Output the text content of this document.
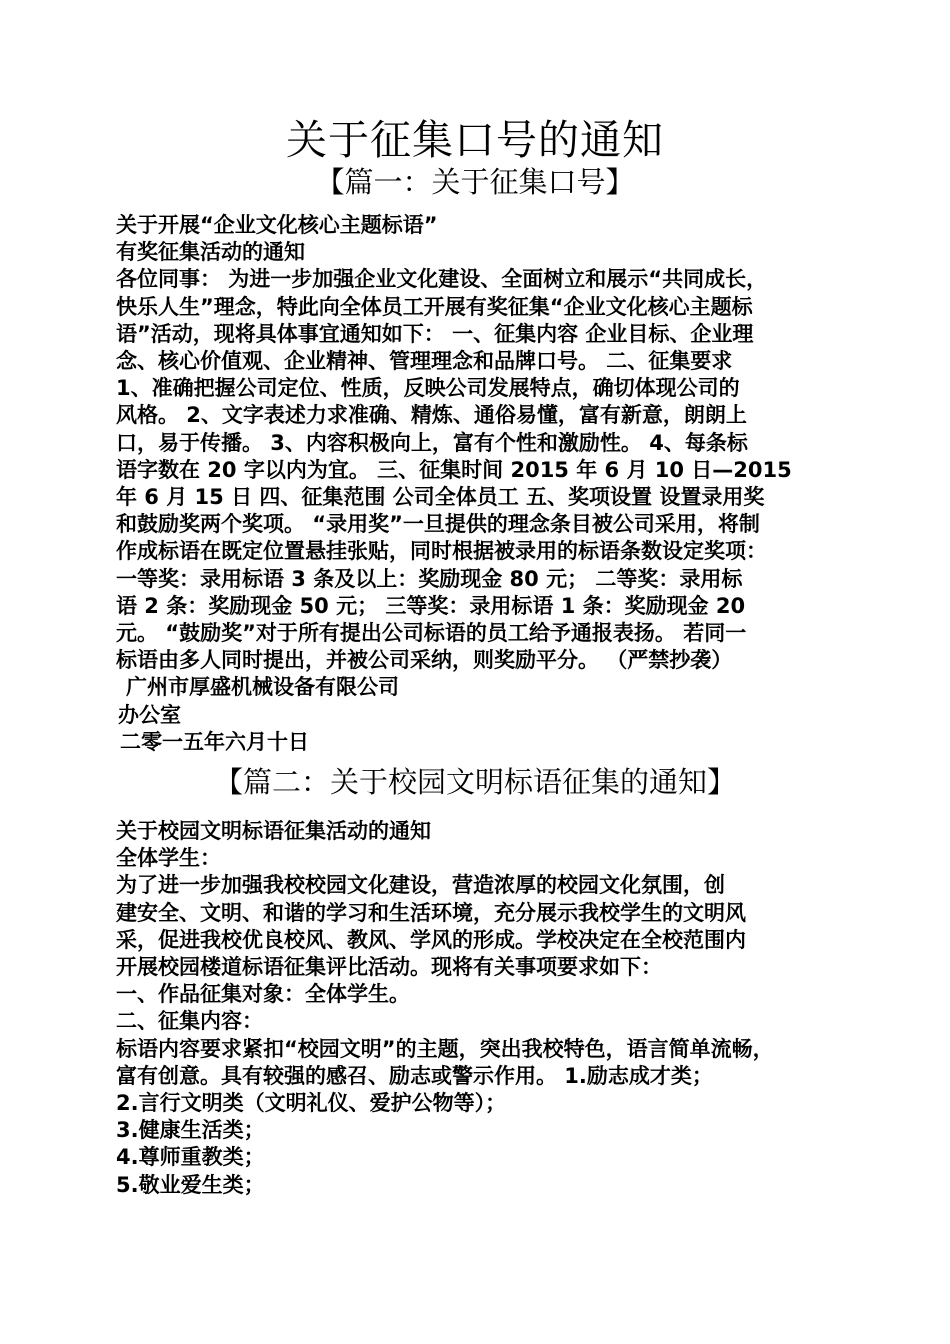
关于征集口号的通知
【篇一：关于征集口号】

关于开展“企业文化核心主题标语”

有奖征集活动的通知

各位同事： 为进一步加强企业文化建设、全面树立和展示“共同成长，

快乐人生”理念，特此向全体员工开展有奖征集“企业文化核心主题标

语”活动，现将具体事宜通知如下： 一、征集内容 企业目标、企业理

念、核心价值观、企业精神、管理理念和品牌口号。 二、征集要求

1、准确把握公司定位、性质，反映公司发展特点，确切体现公司的

风格。 2、文字表述力求准确、精炼、通俗易懂，富有新意，朗朗上

口，易于传播。 3、内容积极向上，富有个性和激励性。 4、每条标

语字数在 20 字以内为宜。 三、征集时间 2015 年 6 月 10 日—2015

年 6 月 15 日 四、征集范围 公司全体员工 五、奖项设置 设置录用奖

和鼓励奖两个奖项。 “录用奖”一旦提供的理念条目被公司采用，将制

作成标语在既定位置悬挂张贴，同时根据被录用的标语条数设定奖项：

一等奖：录用标语 3 条及以上：奖励现金 80 元； 二等奖：录用标

语 2 条：奖励现金 50 元； 三等奖：录用标语 1 条：奖励现金 20

元。 “鼓励奖”对于所有提出公司标语的员工给予通报表扬。 若同一

标语由多人同时提出，并被公司采纳，则奖励平分。 （严禁抄袭）

广州市厚盛机械设备有限公司

办公室

二零一五年六月十日

【篇二：关于校园文明标语征集的通知】

关于校园文明标语征集活动的通知

全体学生：

为了进一步加强我校校园文化建设，营造浓厚的校园文化氛围，创

建安全、文明、和谐的学习和生活环境，充分展示我校学生的文明风

采，促进我校优良校风、教风、学风的形成。学校决定在全校范围内

开展校园楼道标语征集评比活动。现将有关事项要求如下：

一、作品征集对象：全体学生。

二、征集内容：

标语内容要求紧扣“校园文明”的主题，突出我校特色，语言简单流畅，

富有创意。具有较强的感召、励志或警示作用。 1.励志成才类；

2.言行文明类（文明礼仪、爱护公物等）；

3.健康生活类；

4.尊师重教类；

5.敬业爱生类；
